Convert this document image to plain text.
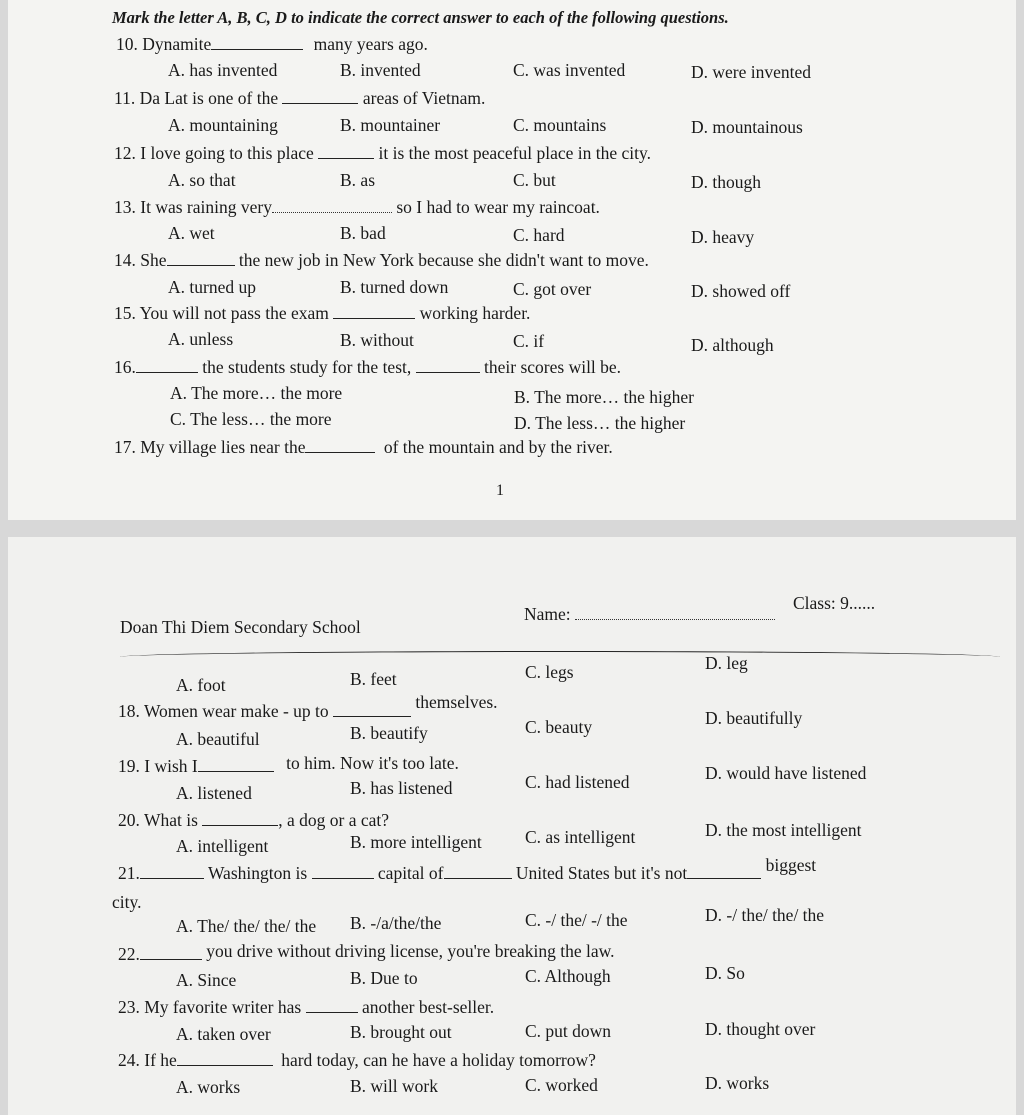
Mark the letter A, B, C, D to indicate the correct answer to each of the following questions.
10. Dynamite	many years ago.
A. has invented	B. invented	C. was invented	D. were invented
11. Da Lat is one of the	areas of Vietnam.
A. mountaining	B. mountainer	C. mountains	D. mountainous
12. I love going to this place	it is the most peaceful place in the city.
A. so that	B. as	C. but	D. though
13. It was raining very	so I had to wear my raincoat.
A. wet	B. bad	C. hard	D. heavy
14. She	the new job in New York because she didn't want to move.
A. turned up	B. turned down	C. got over	D. showed off
15. You will not pass the exam	working harder.
A. unless	B. without	C. if	D. although
16.	the students study for the test,	their scores will be.
A. The more… the more	B. The more… the higher
C. The less… the more	D. The less… the higher
17. My village lies near the	of the mountain and by the river.
1
Doan Thi Diem Secondary School
Name:
Class: 9......
A. foot	B. feet	C. legs	D. leg
18. Women wear make - up to	themselves.
A. beautiful	B. beautify	C. beauty	D. beautifully
19. I wish I	to him. Now it's too late.
A. listened	B. has listened	C. had listened	D. would have listened
20. What is	, a dog or a cat?
A. intelligent	B. more intelligent C. as intelligent	D. the most intelligent
21.	Washington is	capital of	United States but it's not	biggest
city.
A. The/ the/ the/ the B. -/a/the/the	C. -/ the/ -/ the	D. -/ the/ the/ the
22.	you drive without driving license, you're breaking the law.
A. Since	B. Due to	C. Although	D. So
23. My favorite writer has	another best-seller.
A. taken over	B. brought out	C. put down	D. thought over
24. If he	hard today, can he have a holiday tomorrow?
A. works	B. will work	C. worked	D. works
